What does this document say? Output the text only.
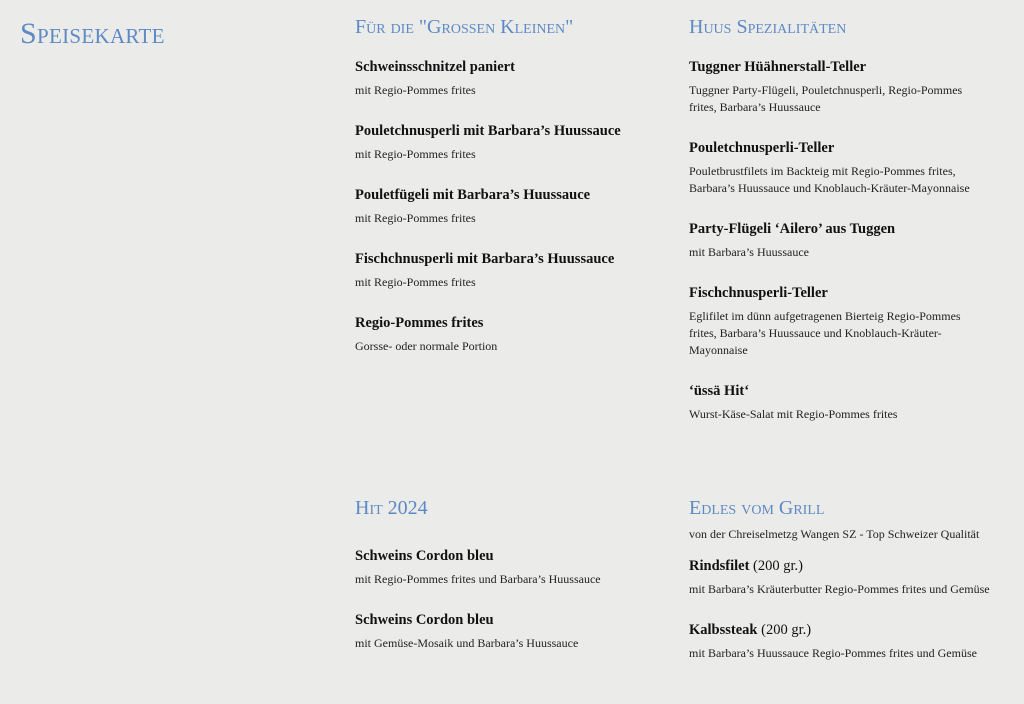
Speisekarte	Für die "Grossen Kleinen"
Schweinsschnitzel paniert
mit Regio-Pommes frites
Pouletchnusperli mit Barbara’s Huussauce
mit Regio-Pommes frites
Pouletfügeli mit Barbara’s Huussauce
mit Regio-Pommes frites
Fischchnusperli mit Barbara’s Huussauce
mit Regio-Pommes frites
Regio-Pommes frites
Gorsse- oder normale Portion
Huus Spezialitäten
Tuggner Hüähnerstall-Teller
Tuggner Party-Flügeli, Pouletchnusperli, Regio-Pommes frites, Barbara’s Huussauce
Pouletchnusperli-Teller
Pouletbrustfilets im Backteig mit Regio-Pommes frites, Barbara’s Huussauce und Knoblauch-Kräuter-Mayonnaise
Party-Flügeli ‘Ailero’ aus Tuggen
mit Barbara’s Huussauce
Fischchnusperli-Teller
Eglifilet im dünn aufgetragenen Bierteig Regio-Pommes frites, Barbara’s Huussauce und Knoblauch-Kräuter-Mayonnaise
‘üssä Hit‘
Wurst-Käse-Salat mit Regio-Pommes frites
Hit 2024
Schweins Cordon bleu
mit Regio-Pommes frites und Barbara’s Huussauce
Schweins Cordon bleu
mit Gemüse-Mosaik und Barbara’s Huussauce
Edles vom Grill
von der Chreiselmetzg Wangen SZ - Top Schweizer Qualität
Rindsfilet (200 gr.)
mit Barbara’s Kräuterbutter Regio-Pommes frites und Gemüse
Kalbssteak (200 gr.)
mit Barbara’s Huussauce Regio-Pommes frites und Gemüse
